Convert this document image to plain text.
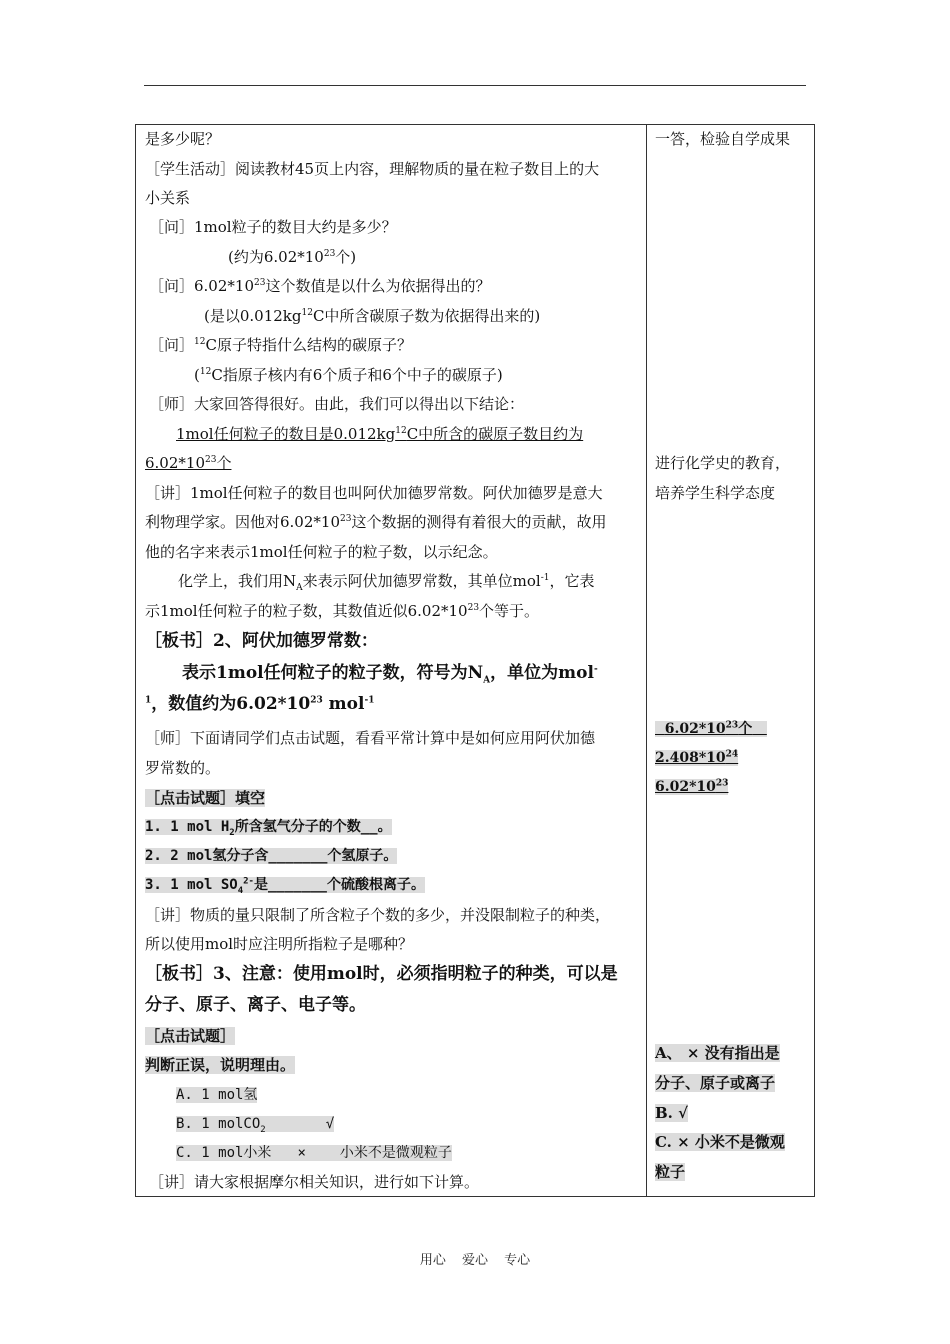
是多少呢？
［学生活动］阅读教材45页上内容，理解物质的量在粒子数目上的大
小关系
［问］1mol粒子的数目大约是多少？
(约为$6.02*10^{23}$个)
［问$]6.02*10^{23}$这个数值是以什么为依据得出的？
(是以$0.012kg^{12}C$中所含碳原子数为依据得出来的)
［问］$^{12}$C原子特指什么结构的碳原子？
($^{12}$C指原子核内有6个质子和6个中子的碳原子)
［师］大家回答得很好。由此，我们可以得出以下结论：
1mol任何粒子的数目是$0.012kg^{12}C$中所含的碳原子数目约为
$6.02*10^{23}$个
［讲］1mol任何粒子的数目也叫阿伏加德罗常数。阿伏加德罗是意大
利物理学家。因他对$6.02*10^{23}$这个数据的测得有着很大的贡献，故用
他的名字来表示1mol任何粒子的粒子数，以示纪念。
化学上，我们用$N_A$来表示阿伏加德罗常数，其单位mol$^{-1}$，它表
示1mol任何粒子的粒子数，其数值近似$6.02*10^{23}$个等于。
［板书］2、阿伏加德罗常数：
表示1mol任何粒子的粒子数，符号为$N_A$，单位为mol-
$^1$，数值约为$6.02*10^{23}$ mol$^{-1}$
［师］下面请同学们点击试题，看看平常计算中是如何应用阿伏加德
罗常数的。
［点击试题］填空
1. 1 mol $H_2$所含氢气分子的个数__。
2. 2 mol氢分子含_______个氢原子。
3. 1 mol $SO_4^{2-}$是_______个硫酸根离子。
［讲］物质的量只限制了所含粒子个数的多少，并没限制粒子的种类，
所以使用mol时应注明所指粒子是哪种？
［板书］3、注意：使用mol时，必须指明粒子的种类，可以是
分子、原子、离子、电子等。
［点击试题］
判断正误，说明理由。
A. 1 mol氢
B. 1 molCO$_2$	√
C. 1 mol小米 × 小米不是微观粒子
［讲］请大家根据摩尔相关知识，进行如下计算。
一答，检验自学成果
进行化学史的教育，
培养学生科学态度
$6.02*10^{23}$个
$2.408*10^{24}$
$6.02*10^{23}$
A、 × 没有指出是
分子、原子或离子
B. √
C. × 小米不是微观
粒子
用心 爱心 专心
